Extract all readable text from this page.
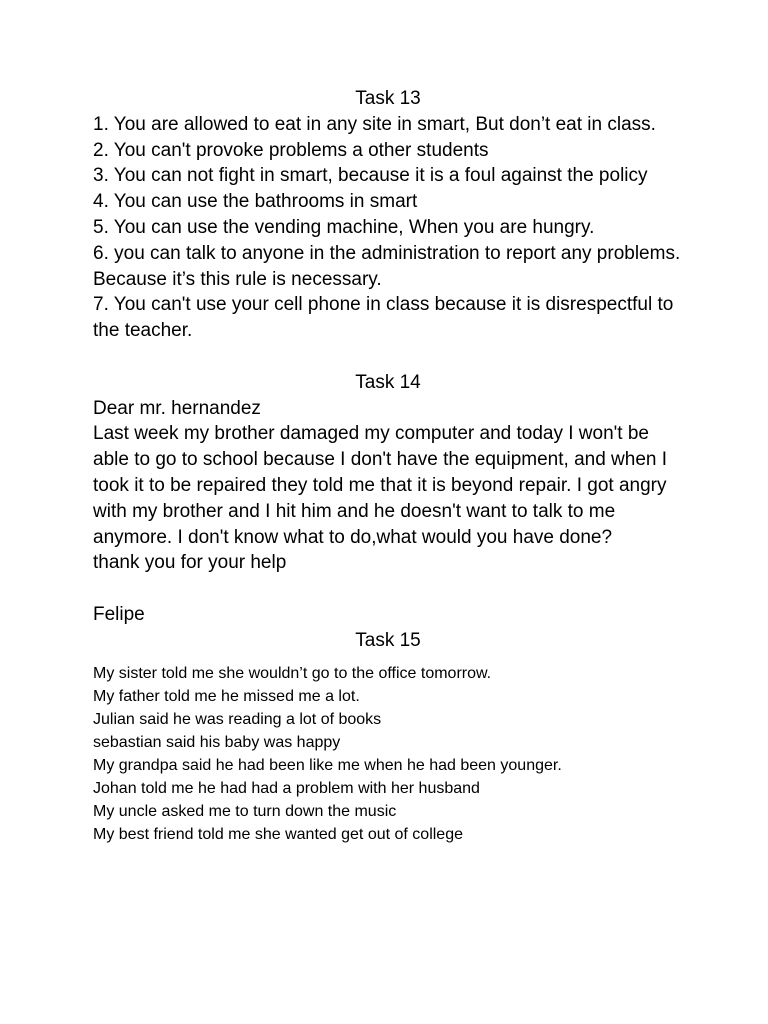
Task 13

1. You are allowed to eat in any site in smart, But don’t eat in class.

2. You can't provoke problems a other students

3. You can not fight in smart, because it is a foul against the policy

4. You can use the bathrooms in smart

5. You can use the vending machine, When you are hungry.

6. you can talk to anyone in the administration to report any problems. Because it’s this rule is necessary.

7. You can't use your cell phone in class because it is disrespectful to the teacher.

Task 14

Dear mr. hernandez

Last week my brother damaged my computer and today I won't be able to go to school because I don't have the equipment, and when I took it to be repaired they told me that it is beyond repair. I got angry with my brother and I hit him and he doesn't want to talk to me anymore. I don't know what to do,what would you have done?

thank you for your help

Felipe

Task 15

My sister told me she wouldn’t go to the office tomorrow.

My father told me he missed me a lot.

Julian said he was reading a lot of books

sebastian said his baby was happy

My grandpa said he had been like me when he had been younger.

Johan told me he had had a problem with her husband

My uncle asked me to turn down the music

My best friend told me she wanted get out of college
